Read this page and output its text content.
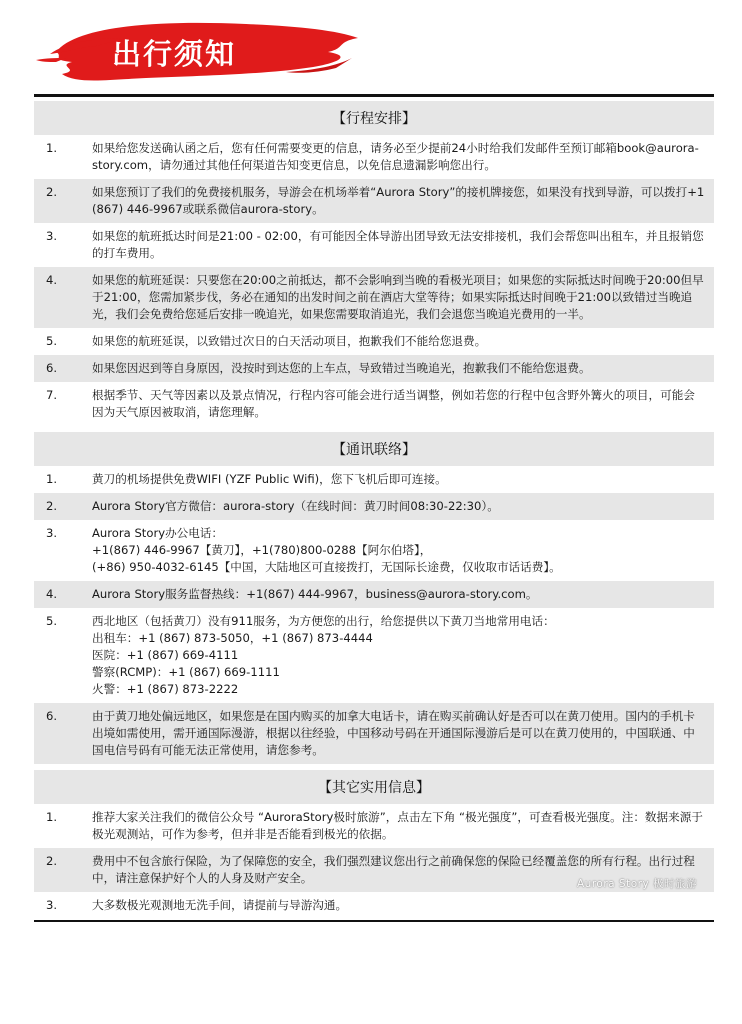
出行须知
【行程安排】
1.	如果给您发送确认函之后，您有任何需要变更的信息，请务必至少提前24小时给我们发邮件至预订邮箱book@aurora-story.com，请勿通过其他任何渠道告知变更信息，以免信息遗漏影响您出行。
2.	如果您预订了我们的免费接机服务，导游会在机场举着“Aurora Story”的接机牌接您，如果没有找到导游，可以拨打+1 (867) 446-9967或联系微信aurora-story。
3.	如果您的航班抵达时间是21:00 - 02:00，有可能因全体导游出团导致无法安排接机，我们会帮您叫出租车，并且报销您的打车费用。
4.	如果您的航班延误：只要您在20:00之前抵达，都不会影响到当晚的看极光项目；如果您的实际抵达时间晚于20:00但早于21:00，您需加紧步伐，务必在通知的出发时间之前在酒店大堂等待；如果实际抵达时间晚于21:00以致错过当晚追光，我们会免费给您延后安排一晚追光，如果您需要取消追光，我们会退您当晚追光费用的一半。
5.	如果您的航班延误，以致错过次日的白天活动项目，抱歉我们不能给您退费。
6.	如果您因迟到等自身原因，没按时到达您的上车点，导致错过当晚追光，抱歉我们不能给您退费。
7.	根据季节、天气等因素以及景点情况，行程内容可能会进行适当调整，例如若您的行程中包含野外篝火的项目，可能会因为天气原因被取消，请您理解。
【通讯联络】
1.	黄刀的机场提供免费WIFI (YZF Public Wifi)，您下飞机后即可连接。
2.	Aurora Story官方微信：aurora-story（在线时间：黄刀时间08:30-22:30）。
3.	Aurora Story办公电话：
+1(867) 446-9967【黄刀】，+1(780)800-0288【阿尔伯塔】，
(+86) 950-4032-6145【中国，大陆地区可直接拨打，无国际长途费，仅收取市话话费】。
4.	Aurora Story服务监督热线：+1(867) 444-9967，business@aurora-story.com。
5.	西北地区（包括黄刀）没有911服务，为方便您的出行，给您提供以下黄刀当地常用电话：
出租车：+1 (867) 873-5050，+1 (867) 873-4444
医院：+1 (867) 669-4111
警察(RCMP)：+1 (867) 669-1111
火警：+1 (867) 873-2222
6.	由于黄刀地处偏远地区，如果您是在国内购买的加拿大电话卡，请在购买前确认好是否可以在黄刀使用。国内的手机卡出境如需使用，需开通国际漫游，根据以往经验，中国移动号码在开通国际漫游后是可以在黄刀使用的，中国联通、中国电信号码有可能无法正常使用，请您参考。
【其它实用信息】
1.	推荐大家关注我们的微信公众号 “AuroraStory极时旅游”，点击左下角 “极光强度”，可查看极光强度。注：数据来源于极光观测站，可作为参考，但并非是否能看到极光的依据。
2.	费用中不包含旅行保险，为了保障您的安全，我们强烈建议您出行之前确保您的保险已经覆盖您的所有行程。出行过程中，请注意保护好个人的人身及财产安全。
3.	大多数极光观测地无洗手间，请提前与导游沟通。
Aurora Story 极时旅游
